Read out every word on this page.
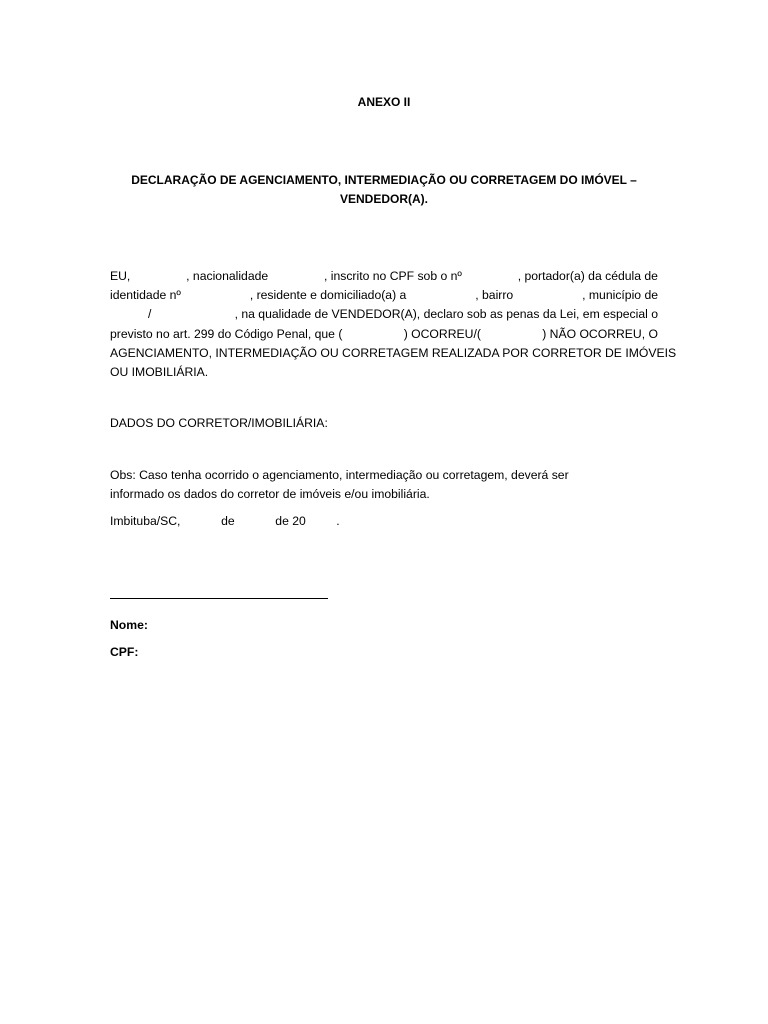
ANEXO II
DECLARAÇÃO DE AGENCIAMENTO, INTERMEDIAÇÃO OU CORRETAGEM DO IMÓVEL –
VENDEDOR(A).
EU,	, nacionalidade	, inscrito no CPF sob o nº	, portador(a) da cédula de
identidade nº	, residente e domiciliado(a) a	, bairro	, município de
/	, na qualidade de VENDEDOR(A), declaro sob as penas da Lei, em especial o
previsto no art. 299 do Código Penal, que (	) OCORREU/(	) NÃO OCORREU, O
AGENCIAMENTO, INTERMEDIAÇÃO OU CORRETAGEM REALIZADA POR CORRETOR DE IMÓVEIS
OU IMOBILIÁRIA.
DADOS DO CORRETOR/IMOBILIÁRIA:
Obs: Caso tenha ocorrido o agenciamento, intermediação ou corretagem, deverá ser
informado os dados do corretor de imóveis e/ou imobiliária.
Imbituba/SC,	de	de 20 .
Nome:
CPF:
